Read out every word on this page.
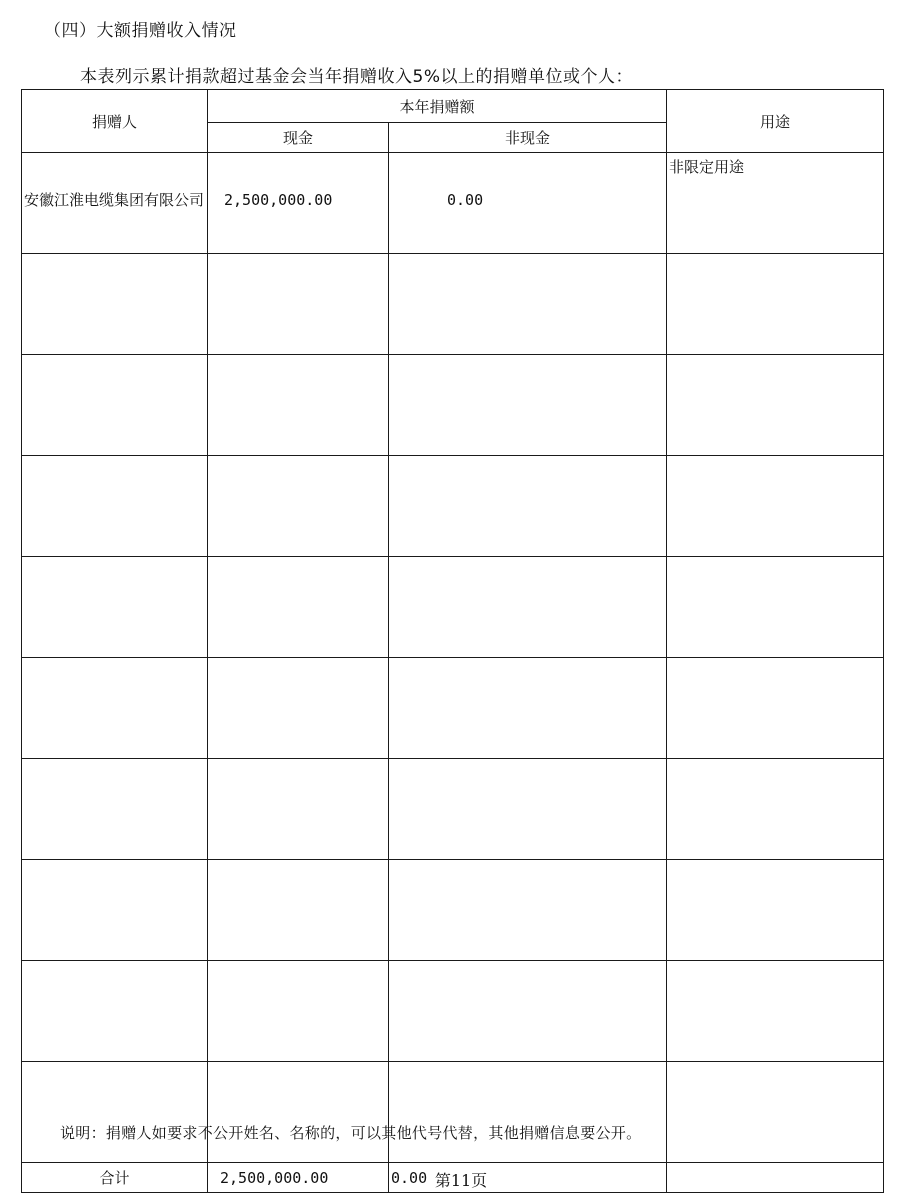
（四）大额捐赠收入情况
本表列示累计捐款超过基金会当年捐赠收入5%以上的捐赠单位或个人：
捐赠人	本年捐赠额		用途
	现金	非现金	
安徽江淮电缆集团有限公司	2,500,000.00	0.00	非限定用途

合计	2,500,000.00	0.00	
说明：捐赠人如要求不公开姓名、名称的，可以其他代号代替，其他捐赠信息要公开。
第11页
